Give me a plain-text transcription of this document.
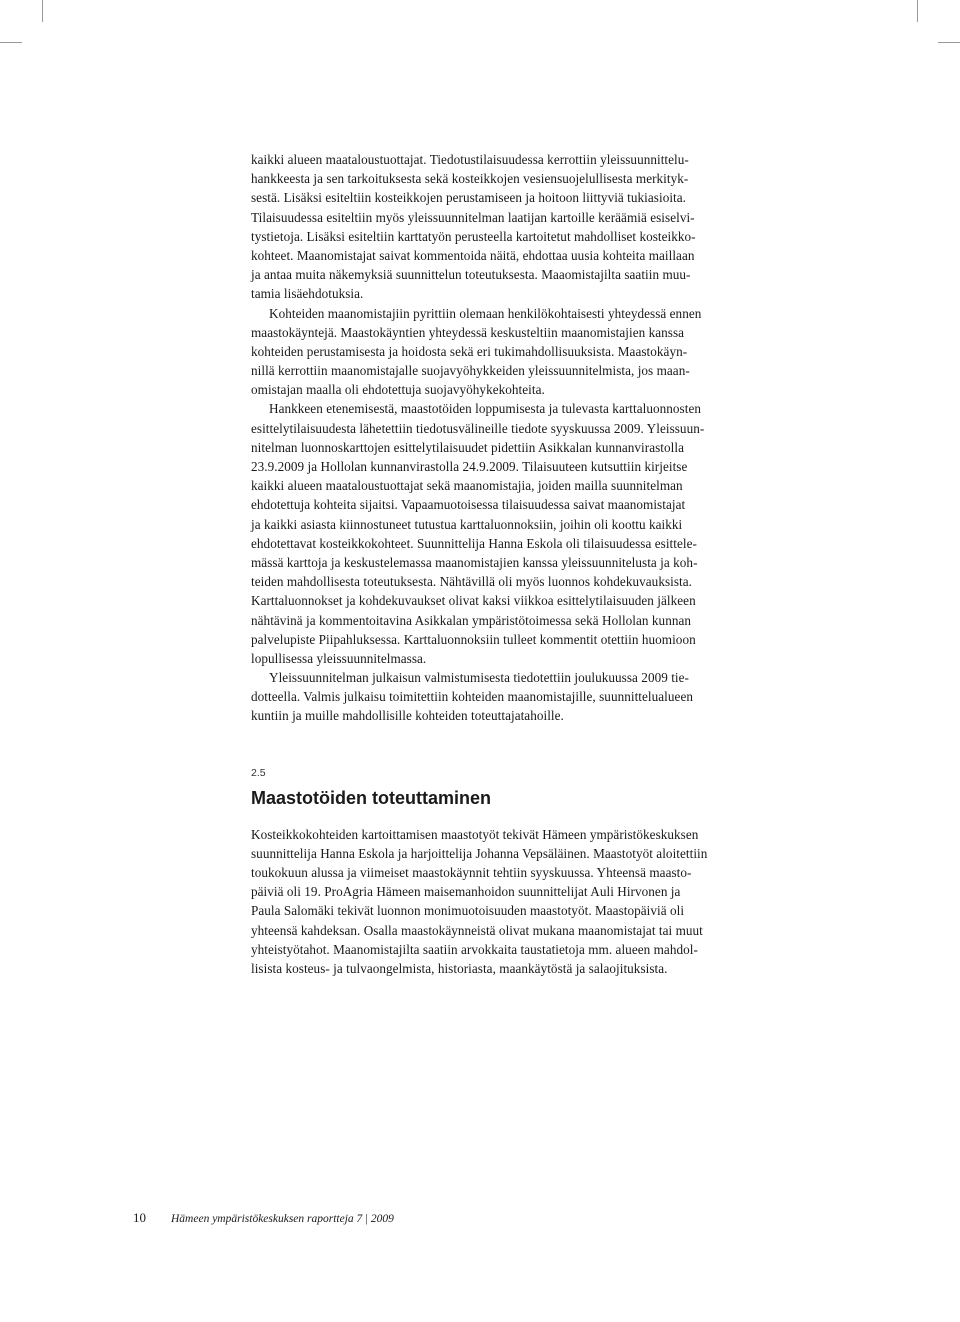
kaikki alueen maataloustuottajat. Tiedotustilaisuudessa kerrottiin yleissuunnittelu-
hankkeesta ja sen tarkoituksesta sekä kosteikkojen vesiensuojelullisesta merkityk-
sestä. Lisäksi esiteltiin kosteikkojen perustamiseen ja hoitoon liittyviä tukiasioita.
Tilaisuudessa esiteltiin myös yleissuunnitelman laatijan kartoille keräämiä esiselvi-
tystietoja. Lisäksi esiteltiin karttatyön perusteella kartoitetut mahdolliset kosteikko-
kohteet. Maanomistajat saivat kommentoida näitä, ehdottaa uusia kohteita maillaan
ja antaa muita näkemyksiä suunnittelun toteutuksesta. Maaomistajilta saatiin muu-
tamia lisäehdotuksia.
Kohteiden maanomistajiin pyrittiin olemaan henkilökohtaisesti yhteydessä ennen
maastokäyntejä. Maastokäyntien yhteydessä keskusteltiin maanomistajien kanssa
kohteiden perustamisesta ja hoidosta sekä eri tukimahdollisuuksista. Maastokäyn-
nillä kerrottiin maanomistajalle suojavyöhykkeiden yleissuunnitelmista, jos maan-
omistajan maalla oli ehdotettuja suojavyöhykekohteita.
Hankkeen etenemisestä, maastotöiden loppumisesta ja tulevasta karttaluonnosten
esittelytilaisuudesta lähetettiin tiedotusvälineille tiedote syyskuussa 2009. Yleissuun-
nitelman luonnoskarttojen esittelytilaisuudet pidettiin Asikkalan kunnanvirastolla
23.9.2009 ja Hollolan kunnanvirastolla 24.9.2009. Tilaisuuteen kutsuttiin kirjeitse
kaikki alueen maataloustuottajat sekä maanomistajia, joiden mailla suunnitelman
ehdotettuja kohteita sijaitsi. Vapaamuotoisessa tilaisuudessa saivat maanomistajat
ja kaikki asiasta kiinnostuneet tutustua karttaluonnoksiin, joihin oli koottu kaikki
ehdotettavat kosteikkokohteet. Suunnittelija Hanna Eskola oli tilaisuudessa esittele-
mässä karttoja ja keskustelemassa maanomistajien kanssa yleissuunnitelusta ja koh-
teiden mahdollisesta toteutuksesta. Nähtävillä oli myös luonnos kohdekuvauksista.
Karttaluonnokset ja kohdekuvaukset olivat kaksi viikkoa esittelytilaisuuden jälkeen
nähtävinä ja kommentoitavina Asikkalan ympäristötoimessa sekä Hollolan kunnan
palvelupiste Piipahluksessa. Karttaluonnoksiin tulleet kommentit otettiin huomioon
lopullisessa yleissuunnitelmassa.
Yleissuunnitelman julkaisun valmistumisesta tiedotettiin joulukuussa 2009 tie-
dotteella. Valmis julkaisu toimitettiin kohteiden maanomistajille, suunnittelualueen
kuntiin ja muille mahdollisille kohteiden toteuttajatahoille.
2.5
Maastotöiden toteuttaminen
Kosteikkokohteiden kartoittamisen maastotyöt tekivät Hämeen ympäristökeskuksen
suunnittelija Hanna Eskola ja harjoittelija Johanna Vepsäläinen. Maastotyöt aloitettiin
toukokuun alussa ja viimeiset maastokäynnit tehtiin syyskuussa. Yhteensä maasto-
päiviä oli 19. ProAgria Hämeen maisemanhoidon suunnittelijat Auli Hirvonen ja
Paula Salomäki tekivät luonnon monimuotoisuuden maastotyöt. Maastopäiviä oli
yhteensä kahdeksan. Osalla maastokäynneistä olivat mukana maanomistajat tai muut
yhteistyötahot. Maanomistajilta saatiin arvokkaita taustatietoja mm. alueen mahdol-
lisista kosteus- ja tulvaongelmista, historiasta, maankäytöstä ja salaojituksista.
10 Hämeen ympäristökeskuksen raportteja 7 | 2009
